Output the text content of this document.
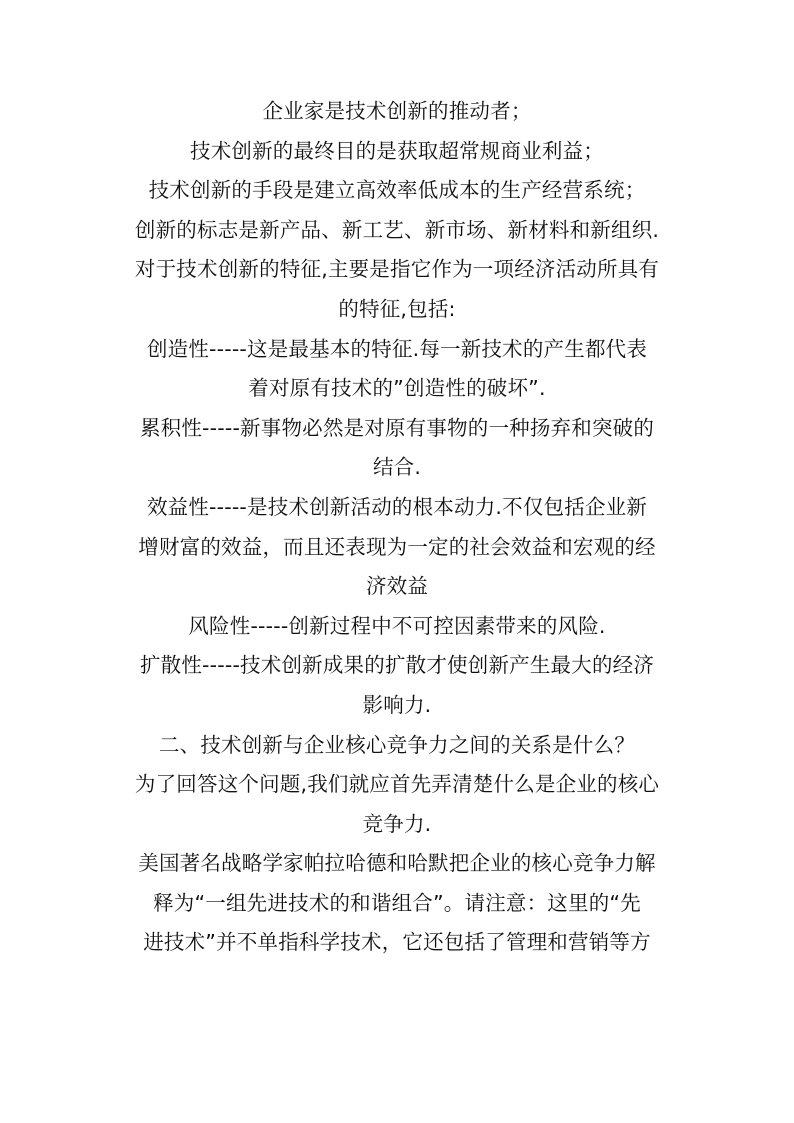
企业家是技术创新的推动者；
技术创新的最终目的是获取超常规商业利益；
技术创新的手段是建立高效率低成本的生产经营系统；
创新的标志是新产品、新工艺、新市场、新材料和新组织.
对于技术创新的特征,主要是指它作为一项经济活动所具有
的特征,包括:
创造性-----这是最基本的特征.每一新技术的产生都代表
着对原有技术的”创造性的破坏”.
累积性-----新事物必然是对原有事物的一种扬弃和突破的
结合.
效益性-----是技术创新活动的根本动力.不仅包括企业新
增财富的效益，而且还表现为一定的社会效益和宏观的经
济效益
风险性-----创新过程中不可控因素带来的风险.
扩散性-----技术创新成果的扩散才使创新产生最大的经济
影响力.
二、技术创新与企业核心竞争力之间的关系是什么？
为了回答这个问题,我们就应首先弄清楚什么是企业的核心
竞争力.
美国著名战略学家帕拉哈德和哈默把企业的核心竞争力解
释为“一组先进技术的和谐组合”。请注意：这里的“先
进技术”并不单指科学技术，它还包括了管理和营销等方
